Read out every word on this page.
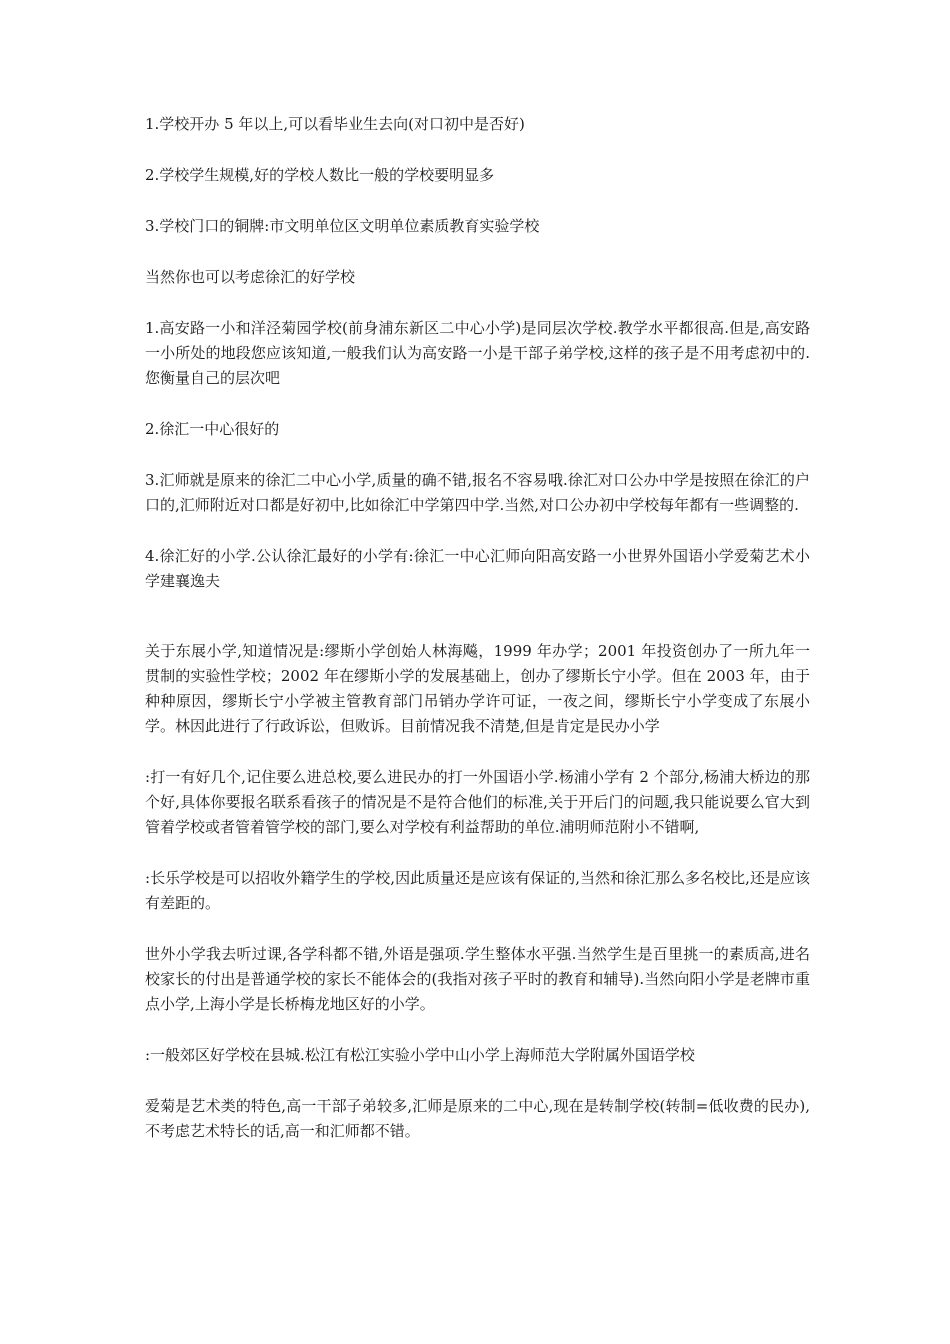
1.学校开办 5 年以上,可以看毕业生去向(对口初中是否好)

2.学校学生规模,好的学校人数比一般的学校要明显多

3.学校门口的铜牌:市文明单位区文明单位素质教育实验学校

当然你也可以考虑徐汇的好学校

1.高安路一小和洋泾菊园学校(前身浦东新区二中心小学)是同层次学校.教学水平都很高.但是,高安路一小所处的地段您应该知道,一般我们认为高安路一小是干部子弟学校,这样的孩子是不用考虑初中的.您衡量自己的层次吧

2.徐汇一中心很好的

3.汇师就是原来的徐汇二中心小学,质量的确不错,报名不容易哦.徐汇对口公办中学是按照在徐汇的户口的,汇师附近对口都是好初中,比如徐汇中学第四中学.当然,对口公办初中学校每年都有一些调整的.

4.徐汇好的小学.公认徐汇最好的小学有:徐汇一中心汇师向阳高安路一小世界外国语小学爱菊艺术小学建襄逸夫

关于东展小学,知道情况是:缪斯小学创始人林海飚，1999 年办学；2001 年投资创办了一所九年一贯制的实验性学校；2002 年在缪斯小学的发展基础上，创办了缪斯长宁小学。但在 2003 年，由于种种原因，缪斯长宁小学被主管教育部门吊销办学许可证，一夜之间，缪斯长宁小学变成了东展小学。林因此进行了行政诉讼，但败诉。目前情况我不清楚,但是肯定是民办小学

:打一有好几个,记住要么进总校,要么进民办的打一外国语小学.杨浦小学有 2 个部分,杨浦大桥边的那个好,具体你要报名联系看孩子的情况是不是符合他们的标准,关于开后门的问题,我只能说要么官大到管着学校或者管着管学校的部门,要么对学校有利益帮助的单位.浦明师范附小不错啊,

:长乐学校是可以招收外籍学生的学校,因此质量还是应该有保证的,当然和徐汇那么多名校比,还是应该有差距的。

世外小学我去听过课,各学科都不错,外语是强项.学生整体水平强.当然学生是百里挑一的素质高,进名校家长的付出是普通学校的家长不能体会的(我指对孩子平时的教育和辅导).当然向阳小学是老牌市重点小学,上海小学是长桥梅龙地区好的小学。

:一般郊区好学校在县城.松江有松江实验小学中山小学上海师范大学附属外国语学校

爱菊是艺术类的特色,高一干部子弟较多,汇师是原来的二中心,现在是转制学校(转制=低收费的民办),不考虑艺术特长的话,高一和汇师都不错。
